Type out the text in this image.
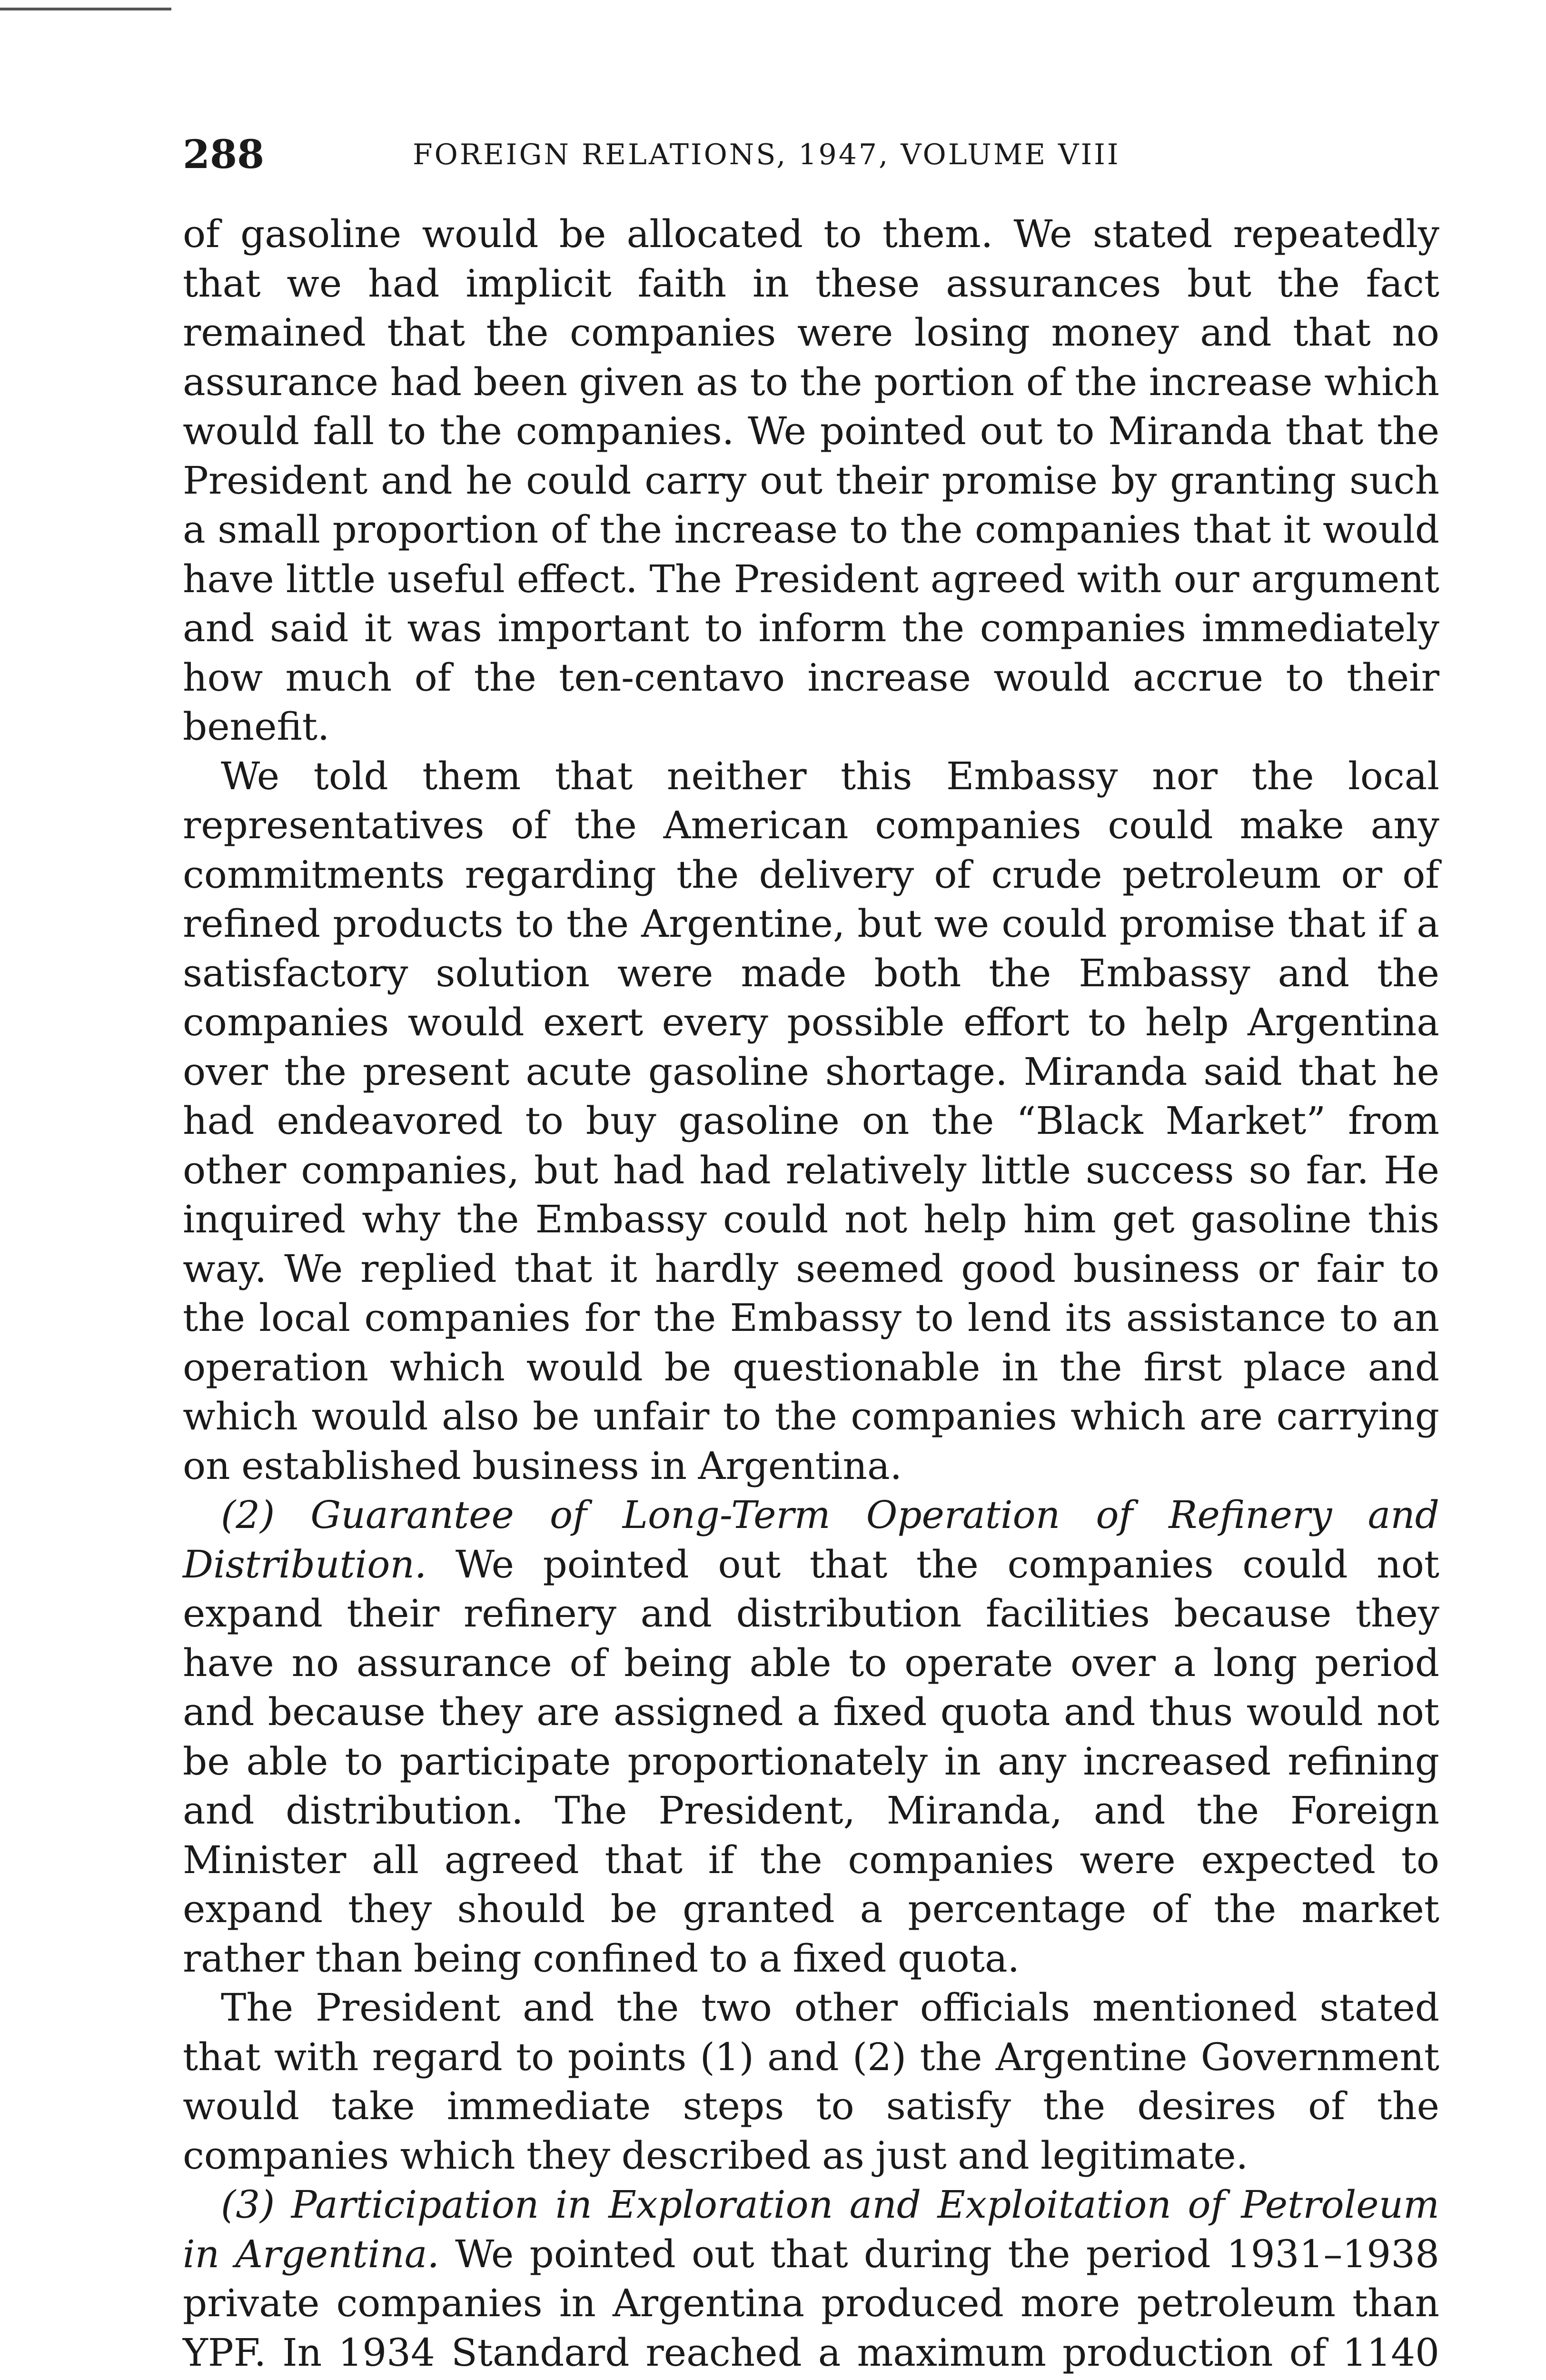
288	FOREIGN RELATIONS, 1947, VOLUME VIII

of gasoline would be allocated to them. We stated repeatedly that we had implicit faith in these assurances but the fact remained that the companies were losing money and that no assurance had been given as to the portion of the increase which would fall to the companies. We pointed out to Miranda that the President and he could carry out their promise by granting such a small proportion of the increase to the companies that it would have little useful effect. The President agreed with our argument and said it was important to inform the companies immediately how much of the ten-centavo increase would accrue to their benefit.

We told them that neither this Embassy nor the local representatives of the American companies could make any commitments regarding the delivery of crude petroleum or of refined products to the Argentine, but we could promise that if a satisfactory solution were made both the Embassy and the companies would exert every possible effort to help Argentina over the present acute gasoline shortage. Miranda said that he had endeavored to buy gasoline on the “Black Market” from other companies, but had had relatively little success so far. He inquired why the Embassy could not help him get gasoline this way. We replied that it hardly seemed good business or fair to the local companies for the Embassy to lend its assistance to an operation which would be questionable in the first place and which would also be unfair to the companies which are carrying on established business in Argentina.

(2) Guarantee of Long-Term Operation of Refinery and Distribution. We pointed out that the companies could not expand their refinery and distribution facilities because they have no assurance of being able to operate over a long period and because they are assigned a fixed quota and thus would not be able to participate proportionately in any increased refining and distribution. The President, Miranda, and the Foreign Minister all agreed that if the companies were expected to expand they should be granted a percentage of the market rather than being confined to a fixed quota.

The President and the two other officials mentioned stated that with regard to points (1) and (2) the Argentine Government would take immediate steps to satisfy the desires of the companies which they described as just and legitimate.

(3) Participation in Exploration and Exploitation of Petroleum in Argentina. We pointed out that during the period 1931–1938 private companies in Argentina produced more petroleum than YPF. In 1934 Standard reached a maximum production of 1140
